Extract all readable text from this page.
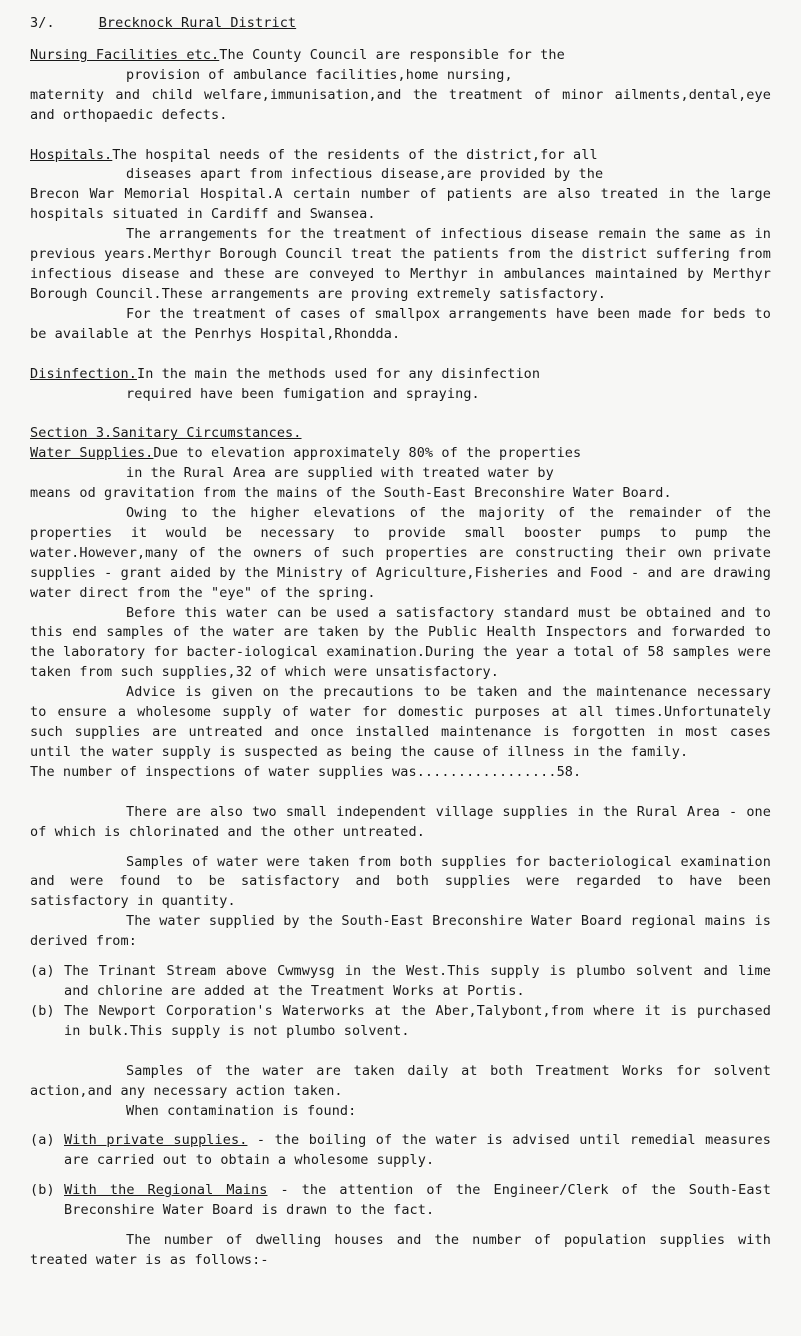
3/.	Brecknock Rural District

Nursing Facilities etc.The County Council are responsible for the

provision of ambulance facilities,home nursing,

maternity and child welfare,immunisation,and the treatment of minor ailments,dental,eye and orthopaedic defects.

Hospitals.The hospital needs of the residents of the district,for all

diseases apart from infectious disease,are provided by the

Brecon War Memorial Hospital.A certain number of patients are also treated in the large hospitals situated in Cardiff and Swansea.

The arrangements for the treatment of infectious disease remain the same as in previous years.Merthyr Borough Council treat the patients from the district suffering from infectious disease and these are conveyed to Merthyr in ambulances maintained by Merthyr Borough Council.These arrangements are proving extremely satisfactory.

For the treatment of cases of smallpox arrangements have been made for beds to be available at the Penrhys Hospital,Rhondda.

Disinfection.In the main the methods used for any disinfection

required have been fumigation and spraying.

Section 3.Sanitary Circumstances.

Water Supplies.Due to elevation approximately 80% of the properties

in the Rural Area are supplied with treated water by

means od gravitation from the mains of the South-East Breconshire Water Board.

Owing to the higher elevations of the majority of the remainder of the properties it would be necessary to provide small booster pumps to pump the water.However,many of the owners of such properties are constructing their own private supplies - grant aided by the Ministry of Agriculture,Fisheries and Food - and are drawing water direct from the "eye" of the spring.

Before this water can be used a satisfactory standard must be obtained and to this end samples of the water are taken by the Public Health Inspectors and forwarded to the laboratory for bacter-iological examination.During the year a total of 58 samples were taken from such supplies,32 of which were unsatisfactory.

Advice is given on the precautions to be taken and the maintenance necessary to ensure a wholesome supply of water for domestic purposes at all times.Unfortunately such supplies are untreated and once installed maintenance is forgotten in most cases until the water supply is suspected as being the cause of illness in the family.

The number of inspections of water supplies was.................58.

There are also two small independent village supplies in the Rural Area - one of which is chlorinated and the other untreated.

Samples of water were taken from both supplies for bacteriological examination and were found to be satisfactory and both supplies were regarded to have been satisfactory in quantity.

The water supplied by the South-East Breconshire Water Board regional mains is derived from:

(a) The Trinant Stream above Cwmwysg in the West.This supply is plumbo solvent and lime and chlorine are added at the Treatment Works at Portis.
(b) The Newport Corporation's Waterworks at the Aber,Talybont,from where it is purchased in bulk.This supply is not plumbo solvent.

Samples of the water are taken daily at both Treatment Works for solvent action,and any necessary action taken.

When contamination is found:

(a) With private supplies. - the boiling of the water is advised until remedial measures are carried out to obtain a wholesome supply.
(b) With the Regional Mains - the attention of the Engineer/Clerk of the South-East Breconshire Water Board is drawn to the fact.

The number of dwelling houses and the number of population supplies with treated water is as follows:-
